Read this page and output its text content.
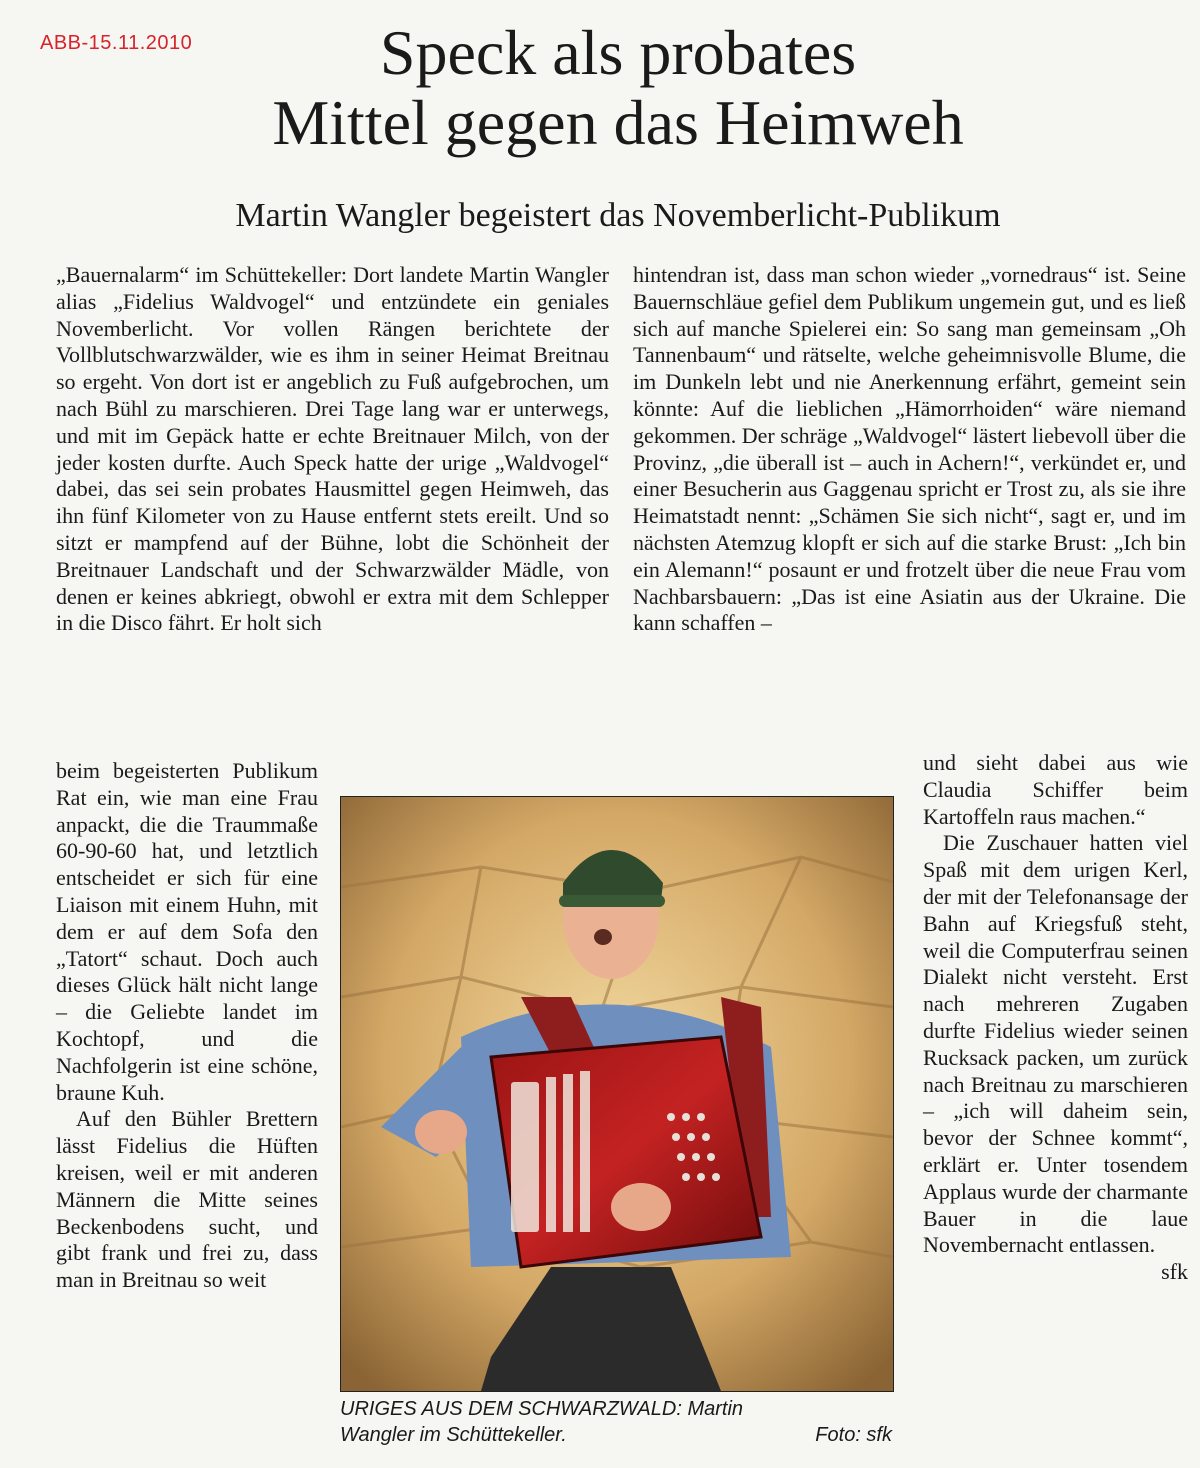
ABB-15.11.2010	Speck als probates
Mittel gegen das Heimweh
Martin Wangler begeistert das Novemberlicht-Publikum

„Bauernalarm“ im Schüttekeller: Dort landete Martin Wangler alias „Fidelius Waldvogel“ und entzündete ein geniales Novemberlicht. Vor vollen Rängen berichtete der Vollblutschwarzwälder, wie es ihm in seiner Heimat Breitnau so ergeht. Von dort ist er angeblich zu Fuß aufgebrochen, um nach Bühl zu marschieren. Drei Tage lang war er unterwegs, und mit im Gepäck hatte er echte Breitnauer Milch, von der jeder kosten durfte. Auch Speck hatte der urige „Waldvogel“ dabei, das sei sein probates Hausmittel gegen Heimweh, das ihn fünf Kilometer von zu Hause entfernt stets ereilt. Und so sitzt er mampfend auf der Bühne, lobt die Schönheit der Breitnauer Landschaft und der Schwarzwälder Mädle, von denen er keines abkriegt, obwohl er extra mit dem Schlepper in die Disco fährt. Er holt sich

beim begeisterten Publikum Rat ein, wie man eine Frau anpackt, die die Traummaße 60-90-60 hat, und letztlich entscheidet er sich für eine Liaison mit einem Huhn, mit dem er auf dem Sofa den „Tatort“ schaut. Doch auch dieses Glück hält nicht lange – die Geliebte landet im Kochtopf, und die Nachfolgerin ist eine schöne, braune Kuh.

Auf den Bühler Brettern lässt Fidelius die Hüften kreisen, weil er mit anderen Männern die Mitte seines Beckenbodens sucht, und gibt frank und frei zu, dass man in Breitnau so weit

hintendran ist, dass man schon wieder „vornedraus“ ist. Seine Bauernschläue gefiel dem Publikum ungemein gut, und es ließ sich auf manche Spielerei ein: So sang man gemeinsam „Oh Tannenbaum“ und rätselte, welche geheimnisvolle Blume, die im Dunkeln lebt und nie Anerkennung erfährt, gemeint sein könnte: Auf die lieblichen „Hämorrhoiden“ wäre niemand gekommen. Der schräge „Waldvogel“ lästert liebevoll über die Provinz, „die überall ist – auch in Achern!“, verkündet er, und einer Besucherin aus Gaggenau spricht er Trost zu, als sie ihre Heimatstadt nennt: „Schämen Sie sich nicht“, sagt er, und im nächsten Atemzug klopft er sich auf die starke Brust: „Ich bin ein Alemann!“ posaunt er und frotzelt über die neue Frau vom Nachbarsbauern: „Das ist eine Asiatin aus der Ukraine. Die kann schaffen –

und sieht dabei aus wie Claudia Schiffer beim Kartoffeln raus machen.“

Die Zuschauer hatten viel Spaß mit dem urigen Kerl, der mit der Telefonansage der Bahn auf Kriegsfuß steht, weil die Computerfrau seinen Dialekt nicht versteht. Erst nach mehreren Zugaben durfte Fidelius wieder seinen Rucksack packen, um zurück nach Breitnau zu marschieren – „ich will daheim sein, bevor der Schnee kommt“, erklärt er. Unter tosendem Applaus wurde der charmante Bauer in die laue Novembernacht entlassen.
sfk

URIGES AUS DEM SCHWARZWALD: Martin
Wangler im Schüttekeller.	Foto: sfk
